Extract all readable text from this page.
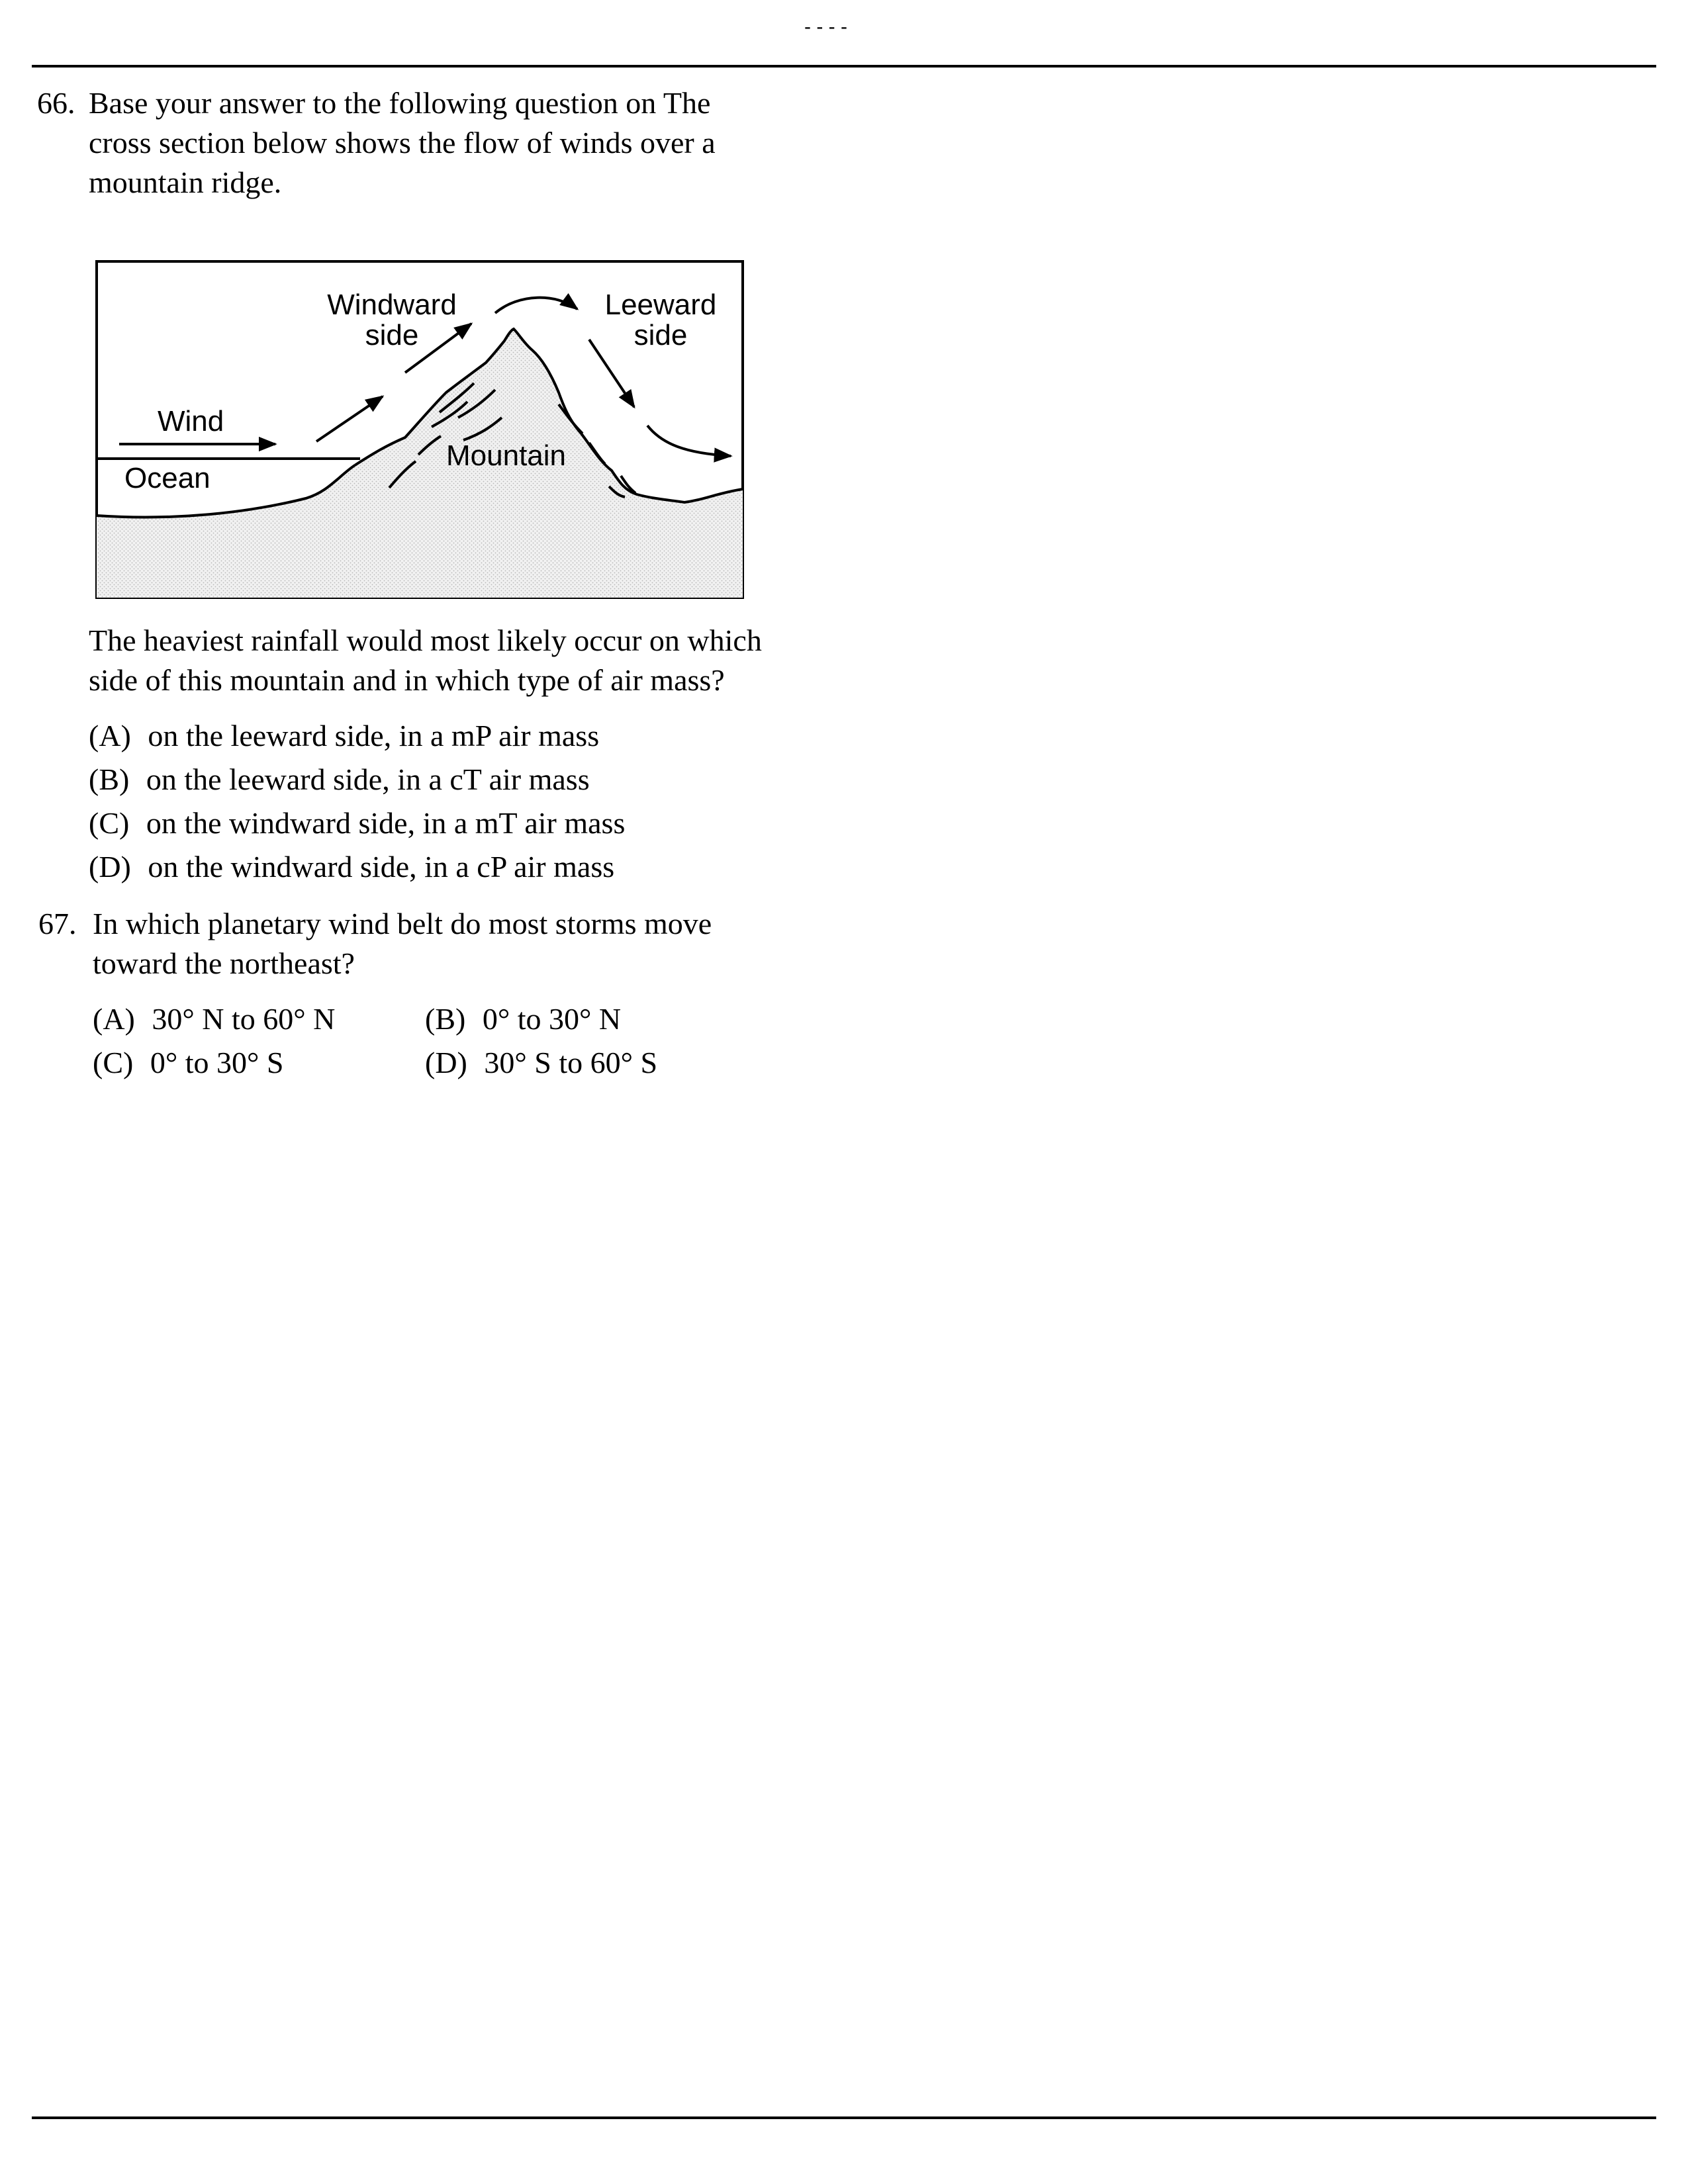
- - - -
66. Base your answer to the following question on The
cross section below shows the flow of winds over a
mountain ridge.
The heaviest rainfall would most likely occur on which
side of this mountain and in which type of air mass?
(A) on the leeward side, in a mP air mass
(B) on the leeward side, in a cT air mass
(C) on the windward side, in a mT air mass
(D) on the windward side, in a cP air mass
Windward
side
Leeward
side
Wind
Ocean
Mountain
67. In which planetary wind belt do most storms move
toward the northeast?
(A) 30° N to 60° N	(B) 0° to 30° N
(C) 0° to 30° S	(D) 30° S to 60° S
